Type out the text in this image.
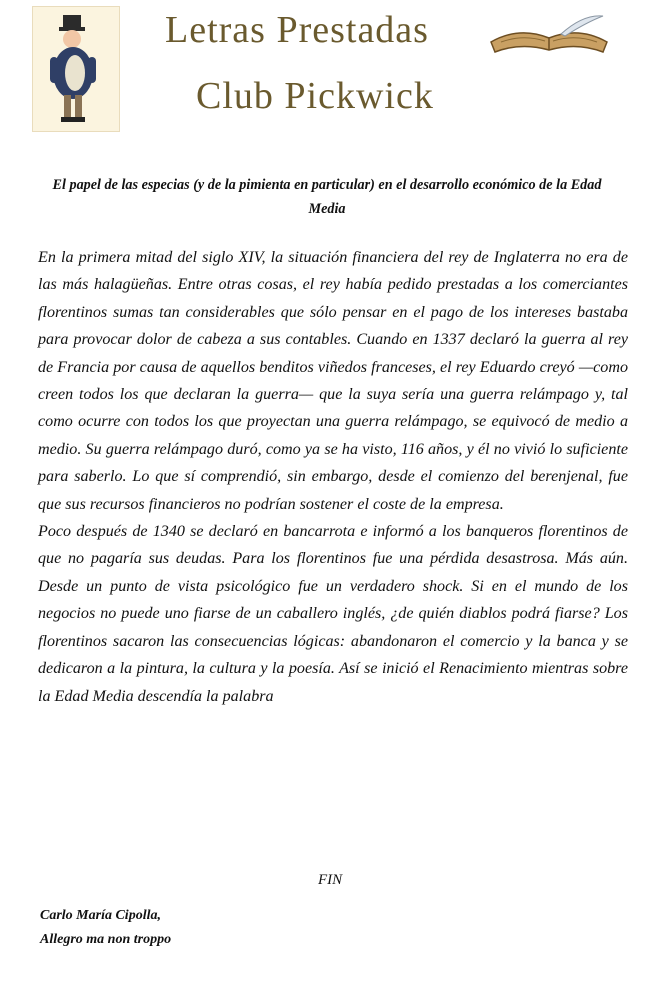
Letras Prestadas
Club Pickwick
El papel de las especias (y de la pimienta en particular) en el desarrollo económico de la Edad Media

En la primera mitad del siglo XIV, la situación financiera del rey de Inglaterra no era de las más halagüeñas. Entre otras cosas, el rey había pedido prestadas a los comerciantes florentinos sumas tan considerables que sólo pensar en el pago de los intereses bastaba para provocar dolor de cabeza a sus contables. Cuando en 1337 declaró la guerra al rey de Francia por causa de aquellos benditos viñedos franceses, el rey Eduardo creyó —como creen todos los que declaran la guerra— que la suya sería una guerra relámpago y, tal como ocurre con todos los que proyectan una guerra relámpago, se equivocó de medio a medio. Su guerra relámpago duró, como ya se ha visto, 116 años, y él no vivió lo suficiente para saberlo. Lo que sí comprendió, sin embargo, desde el comienzo del berenjenal, fue que sus recursos financieros no podrían sostener el coste de la empresa.

Poco después de 1340 se declaró en bancarrota e informó a los banqueros florentinos de que no pagaría sus deudas. Para los florentinos fue una pérdida desastrosa. Más aún. Desde un punto de vista psicológico fue un verdadero shock. Si en el mundo de los negocios no puede uno fiarse de un caballero inglés, ¿de quién diablos podrá fiarse? Los florentinos sacaron las consecuencias lógicas: abandonaron el comercio y la banca y se dedicaron a la pintura, la cultura y la poesía. Así se inició el Renacimiento mientras sobre la Edad Media descendía la palabra

FIN
Carlo María Cipolla,
Allegro ma non troppo
